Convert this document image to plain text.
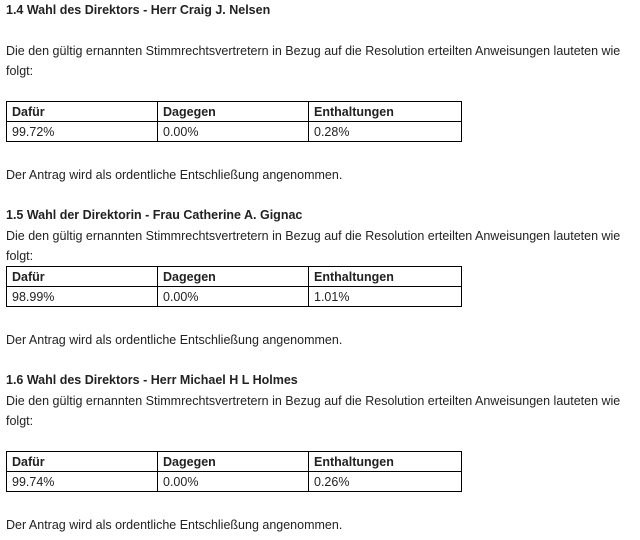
1.4 Wahl des Direktors - Herr Craig J. Nelsen
Die den gültig ernannten Stimmrechtsvertretern in Bezug auf die Resolution erteilten Anweisungen lauteten wie folgt:
Dafür	Dagegen	Enthaltungen
99.72%	0.00%	0.28%
Der Antrag wird als ordentliche Entschließung angenommen.
1.5 Wahl der Direktorin - Frau Catherine A. Gignac
Die den gültig ernannten Stimmrechtsvertretern in Bezug auf die Resolution erteilten Anweisungen lauteten wie folgt:
Dafür	Dagegen	Enthaltungen
98.99%	0.00%	1.01%
Der Antrag wird als ordentliche Entschließung angenommen.
1.6 Wahl des Direktors - Herr Michael H L Holmes
Die den gültig ernannten Stimmrechtsvertretern in Bezug auf die Resolution erteilten Anweisungen lauteten wie folgt:
Dafür	Dagegen	Enthaltungen
99.74%	0.00%	0.26%
Der Antrag wird als ordentliche Entschließung angenommen.
